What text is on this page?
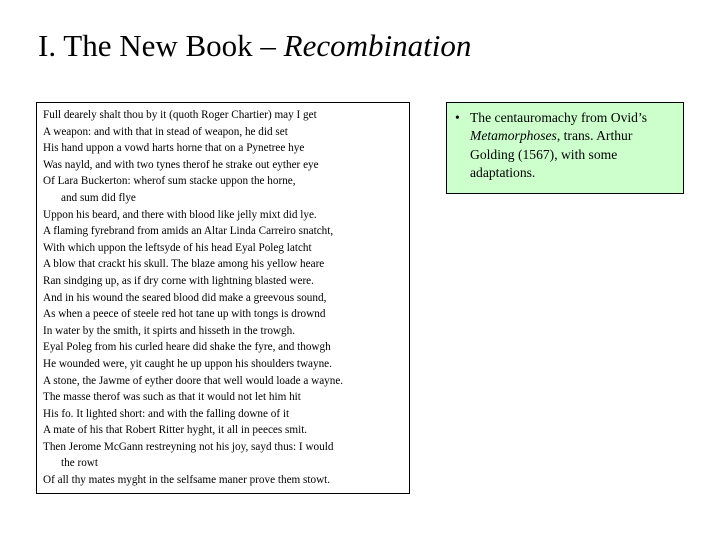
I. The New Book – Recombination
Full dearely shalt thou by it (quoth Roger Chartier) may I get
A weapon: and with that in stead of weapon, he did set
His hand uppon a vowd harts horne that on a Pynetree hye
Was nayld, and with two tynes therof he strake out eyther eye
Of Lara Buckerton: wherof sum stacke uppon the horne,
and sum did flye
Uppon his beard, and there with blood like jelly mixt did lye.
A flaming fyrebrand from amids an Altar Linda Carreiro snatcht,
With which uppon the leftsyde of his head Eyal Poleg latcht
A blow that crackt his skull. The blaze among his yellow heare
Ran sindging up, as if dry corne with lightning blasted were.
And in his wound the seared blood did make a greevous sound,
As when a peece of steele red hot tane up with tongs is drownd
In water by the smith, it spirts and hisseth in the trowgh.
Eyal Poleg from his curled heare did shake the fyre, and thowgh
He wounded were, yit caught he up uppon his shoulders twayne.
A stone, the Jawme of eyther doore that well would loade a wayne.
The masse therof was such as that it would not let him hit
His fo. It lighted short: and with the falling downe of it
A mate of his that Robert Ritter hyght, it all in peeces smit.
Then Jerome McGann restreyning not his joy, sayd thus: I would
the rowt
Of all thy mates myght in the selfsame maner prove them stowt.
• The centauromachy from Ovid’s Metamorphoses, trans. Arthur Golding (1567), with some adaptations.
